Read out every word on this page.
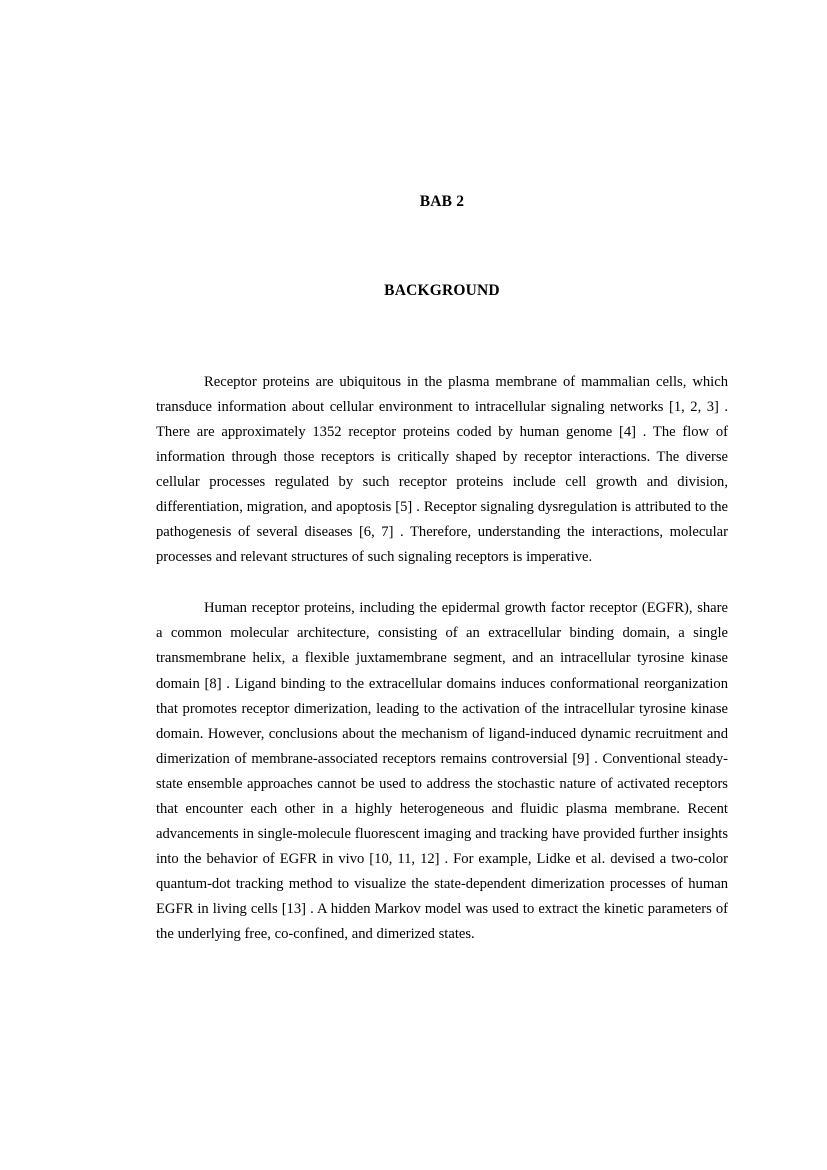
BAB 2
BACKGROUND

Receptor proteins are ubiquitous in the plasma membrane of mammalian cells, which transduce information about cellular environment to intracellular signaling networks [1, 2, 3] . There are approximately 1352 receptor proteins coded by human genome [4] . The flow of information through those receptors is critically shaped by receptor interactions. The diverse cellular processes regulated by such receptor proteins include cell growth and division, differentiation, migration, and apoptosis [5] . Receptor signaling dysregulation is attributed to the pathogenesis of several diseases [6, 7] . Therefore, understanding the interactions, molecular processes and relevant structures of such signaling receptors is imperative.

Human receptor proteins, including the epidermal growth factor receptor (EGFR), share a common molecular architecture, consisting of an extracellular binding domain, a single transmembrane helix, a flexible juxtamembrane segment, and an intracellular tyrosine kinase domain [8] . Ligand binding to the extracellular domains induces conformational reorganization that promotes receptor dimerization, leading to the activation of the intracellular tyrosine kinase domain. However, conclusions about the mechanism of ligand-induced dynamic recruitment and dimerization of membrane-associated receptors remains controversial [9] . Conventional steady-state ensemble approaches cannot be used to address the stochastic nature of activated receptors that encounter each other in a highly heterogeneous and fluidic plasma membrane. Recent advancements in single-molecule fluorescent imaging and tracking have provided further insights into the behavior of EGFR in vivo [10, 11, 12] . For example, Lidke et al. devised a two-color quantum-dot tracking method to visualize the state-dependent dimerization processes of human EGFR in living cells [13] . A hidden Markov model was used to extract the kinetic parameters of the underlying free, co-confined, and dimerized states.
